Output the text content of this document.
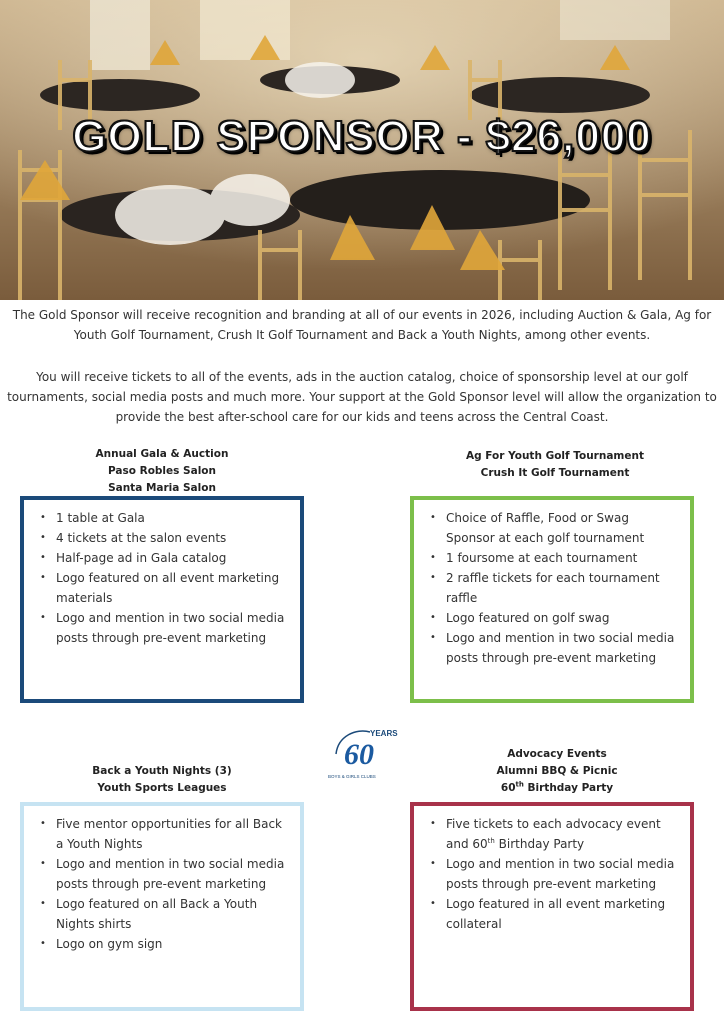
GOLD SPONSOR - $26,000

The Gold Sponsor will receive recognition and branding at all of our events in 2026, including Auction & Gala, Ag for Youth Golf Tournament, Crush It Golf Tournament and Back a Youth Nights, among other events.

You will receive tickets to all of the events, ads in the auction catalog, choice of sponsorship level at our golf tournaments, social media posts and much more. Your support at the Gold Sponsor level will allow the organization to provide the best after-school care for our kids and teens across the Central Coast.

Annual Gala & Auction
Paso Robles Salon
Santa Maria Salon
• 1 table at Gala
• 4 tickets at the salon events
• Half-page ad in Gala catalog
• Logo featured on all event marketing materials
• Logo and mention in two social media posts through pre-event marketing
Ag For Youth Golf Tournament
Crush It Golf Tournament
• Choice of Raffle, Food or Swag Sponsor at each golf tournament
• 1 foursome at each tournament
• 2 raffle tickets for each tournament raffle
• Logo featured on golf swag
• Logo and mention in two social media posts through pre-event marketing
60
YEARS
BOYS & GIRLS CLUBS
Back a Youth Nights (3)
Youth Sports Leagues
• Five mentor opportunities for all Back a Youth Nights
• Logo and mention in two social media posts through pre-event marketing
• Logo featured on all Back a Youth Nights shirts
• Logo on gym sign
Advocacy Events
Alumni BBQ & Picnic
60th Birthday Party
• Five tickets to each advocacy event and 60th Birthday Party
• Logo and mention in two social media posts through pre-event marketing
• Logo featured in all event marketing collateral
